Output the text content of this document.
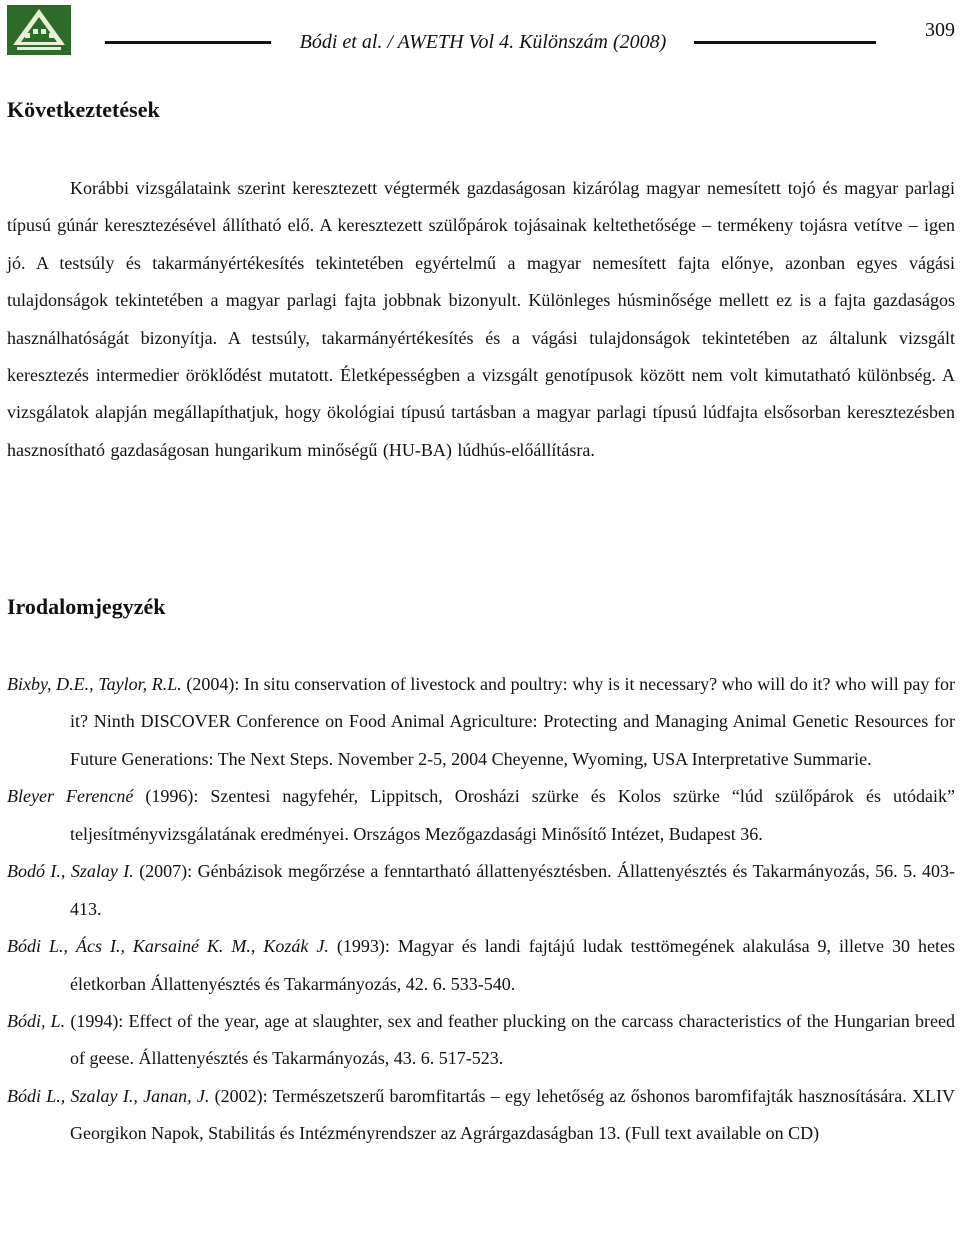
Bódi et al. / AWETH Vol 4. Különszám (2008)
309
Következtetések

Korábbi vizsgálataink szerint keresztezett végtermék gazdaságosan kizárólag magyar nemesített tojó és magyar parlagi típusú gúnár keresztezésével állítható elő. A keresztezett szülőpárok tojásainak keltethetősége – termékeny tojásra vetítve – igen jó. A testsúly és takarmányértékesítés tekintetében egyértelmű a magyar nemesített fajta előnye, azonban egyes vágási tulajdonságok tekintetében a magyar parlagi fajta jobbnak bizonyult. Különleges húsminősége mellett ez is a fajta gazdaságos használhatóságát bizonyítja. A testsúly, takarmányértékesítés és a vágási tulajdonságok tekintetében az általunk vizsgált keresztezés intermedier öröklődést mutatott. Életképességben a vizsgált genotípusok között nem volt kimutatható különbség. A vizsgálatok alapján megállapíthatjuk, hogy ökológiai típusú tartásban a magyar parlagi típusú lúdfajta elsősorban keresztezésben hasznosítható gazdaságosan hungarikum minőségű (HU-BA) lúdhús-előállításra.

Irodalomjegyzék
Bixby, D.E., Taylor, R.L. (2004): In situ conservation of livestock and poultry: why is it necessary? who will do it? who will pay for it? Ninth DISCOVER Conference on Food Animal Agriculture: Protecting and Managing Animal Genetic Resources for Future Generations: The Next Steps. November 2-5, 2004 Cheyenne, Wyoming, USA Interpretative Summarie.
Bleyer Ferencné (1996): Szentesi nagyfehér, Lippitsch, Orosházi szürke és Kolos szürke “lúd szülőpárok és utódaik” teljesítményvizsgálatának eredményei. Országos Mezőgazdasági Minősítő Intézet, Budapest 36.
Bodó I., Szalay I. (2007): Génbázisok megőrzése a fenntartható állattenyésztésben. Állattenyésztés és Takarmányozás, 56. 5. 403-413.
Bódi L., Ács I., Karsainé K. M., Kozák J. (1993): Magyar és landi fajtájú ludak testtömegének alakulása 9, illetve 30 hetes életkorban Állattenyésztés és Takarmányozás, 42. 6. 533-540.
Bódi, L. (1994): Effect of the year, age at slaughter, sex and feather plucking on the carcass characteristics of the Hungarian breed of geese. Állattenyésztés és Takarmányozás, 43. 6. 517-523.
Bódi L., Szalay I., Janan, J. (2002): Természetszerű baromfitartás – egy lehetőség az őshonos baromfifajták hasznosítására. XLIV Georgikon Napok, Stabilitás és Intézményrendszer az Agrárgazdaságban 13. (Full text available on CD)
